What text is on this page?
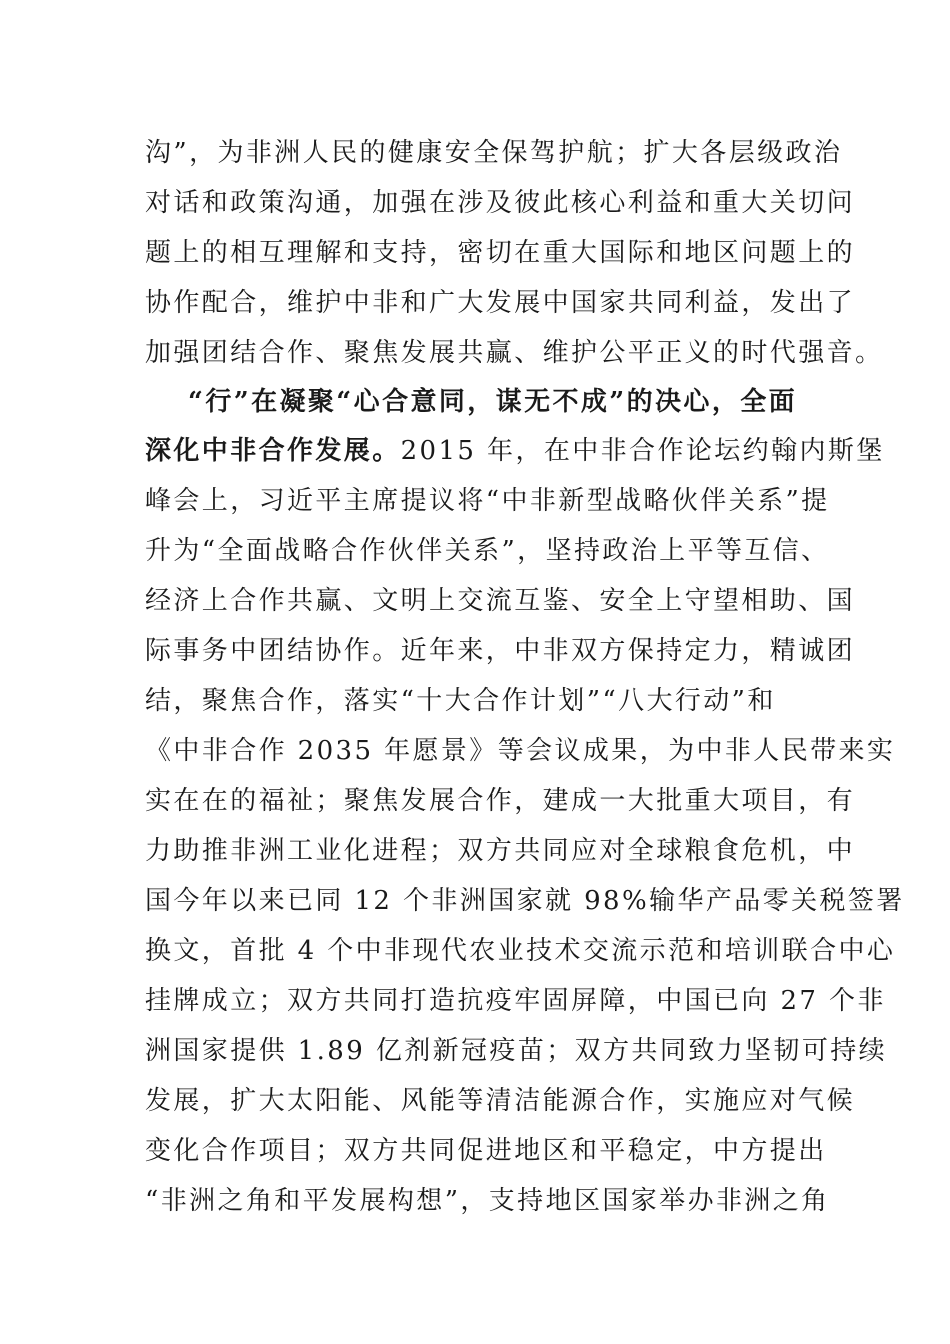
沟”，为非洲人民的健康安全保驾护航；扩大各层级政治
对话和政策沟通，加强在涉及彼此核心利益和重大关切问
题上的相互理解和支持，密切在重大国际和地区问题上的
协作配合，维护中非和广大发展中国家共同利益，发出了
加强团结合作、聚焦发展共赢、维护公平正义的时代强音。
“行”在凝聚“心合意同，谋无不成”的决心，全面
深化中非合作发展。2015 年，在中非合作论坛约翰内斯堡
峰会上，习近平主席提议将“中非新型战略伙伴关系”提
升为“全面战略合作伙伴关系”，坚持政治上平等互信、
经济上合作共赢、文明上交流互鉴、安全上守望相助、国
际事务中团结协作。近年来，中非双方保持定力，精诚团
结，聚焦合作，落实“十大合作计划”“八大行动”和
《中非合作 2035 年愿景》等会议成果，为中非人民带来实
实在在的福祉；聚焦发展合作，建成一大批重大项目，有
力助推非洲工业化进程；双方共同应对全球粮食危机，中
国今年以来已同 12 个非洲国家就 98%输华产品零关税签署
换文，首批 4 个中非现代农业技术交流示范和培训联合中心
挂牌成立；双方共同打造抗疫牢固屏障，中国已向 27 个非
洲国家提供 1.89 亿剂新冠疫苗；双方共同致力坚韧可持续
发展，扩大太阳能、风能等清洁能源合作，实施应对气候
变化合作项目；双方共同促进地区和平稳定，中方提出
“非洲之角和平发展构想”，支持地区国家举办非洲之角
